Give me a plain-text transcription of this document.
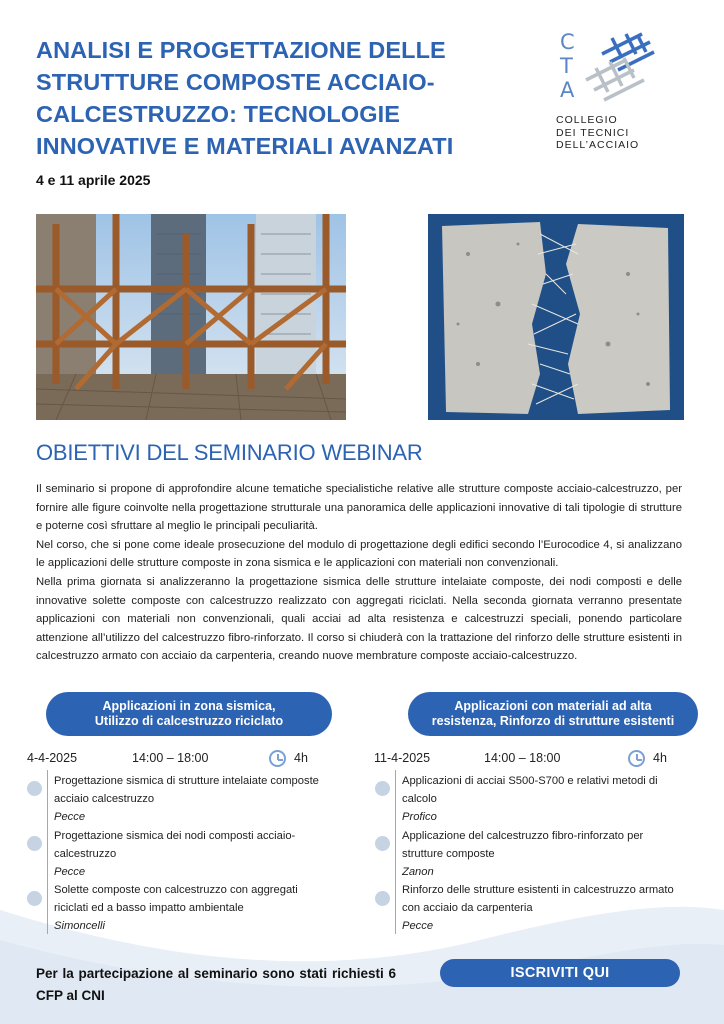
ANALISI E PROGETTAZIONE DELLE
STRUTTURE COMPOSTE ACCIAIO-
CALCESTRUZZO: TECNOLOGIE
INNOVATIVE E MATERIALI AVANZATI
4 e 11 aprile 2025
C
T
A
COLLEGIO
DEI TECNICI
DELL’ACCIAIO
OBIETTIVI DEL SEMINARIO WEBINAR

Il seminario si propone di approfondire alcune tematiche specialistiche relative alle strutture composte acciaio-calcestruzzo, per fornire alle figure coinvolte nella progettazione strutturale una panoramica delle applicazioni innovative di tali tipologie di strutture e poterne così sfruttare al meglio le principali peculiarità.

Nel corso, che si pone come ideale prosecuzione del modulo di progettazione degli edifici secondo l’Eurocodice 4, si analizzano le applicazioni delle strutture composte in zona sismica e le applicazioni con materiali non convenzionali.

Nella prima giornata si analizzeranno la progettazione sismica delle strutture intelaiate composte, dei nodi composti e delle innovative solette composte con calcestruzzo realizzato con aggregati riciclati. Nella seconda giornata verranno presentate applicazioni con materiali non convenzionali, quali acciai ad alta resistenza e calcestruzzi speciali, ponendo particolare attenzione all’utilizzo del calcestruzzo fibro-rinforzato. Il corso si chiuderà con la trattazione del rinforzo delle strutture esistenti in calcestruzzo armato con acciaio da carpenteria, creando nuove membrature composte acciaio-calcestruzzo.

Applicazioni in zona sismica,
Utilizzo di calcestruzzo riciclato
Applicazioni con materiali ad alta
resistenza, Rinforzo di strutture esistenti
4-4-2025	14:00 – 18:00	4h
Progettazione sismica di strutture intelaiate composte
acciaio calcestruzzo
Pecce
Progettazione sismica dei nodi composti acciaio-
calcestruzzo
Pecce
Solette composte con calcestruzzo con aggregati
riciclati ed a basso impatto ambientale
Simoncelli
11-4-2025	14:00 – 18:00	4h
Applicazioni di acciai S500-S700 e relativi metodi di
calcolo
Profico
Applicazione del calcestruzzo fibro-rinforzato per
strutture composte
Zanon
Rinforzo delle strutture esistenti in calcestruzzo armato
con acciaio da carpenteria
Pecce
Per la partecipazione al seminario sono stati richiesti 6 CFP al CNI
ISCRIVITI QUI
